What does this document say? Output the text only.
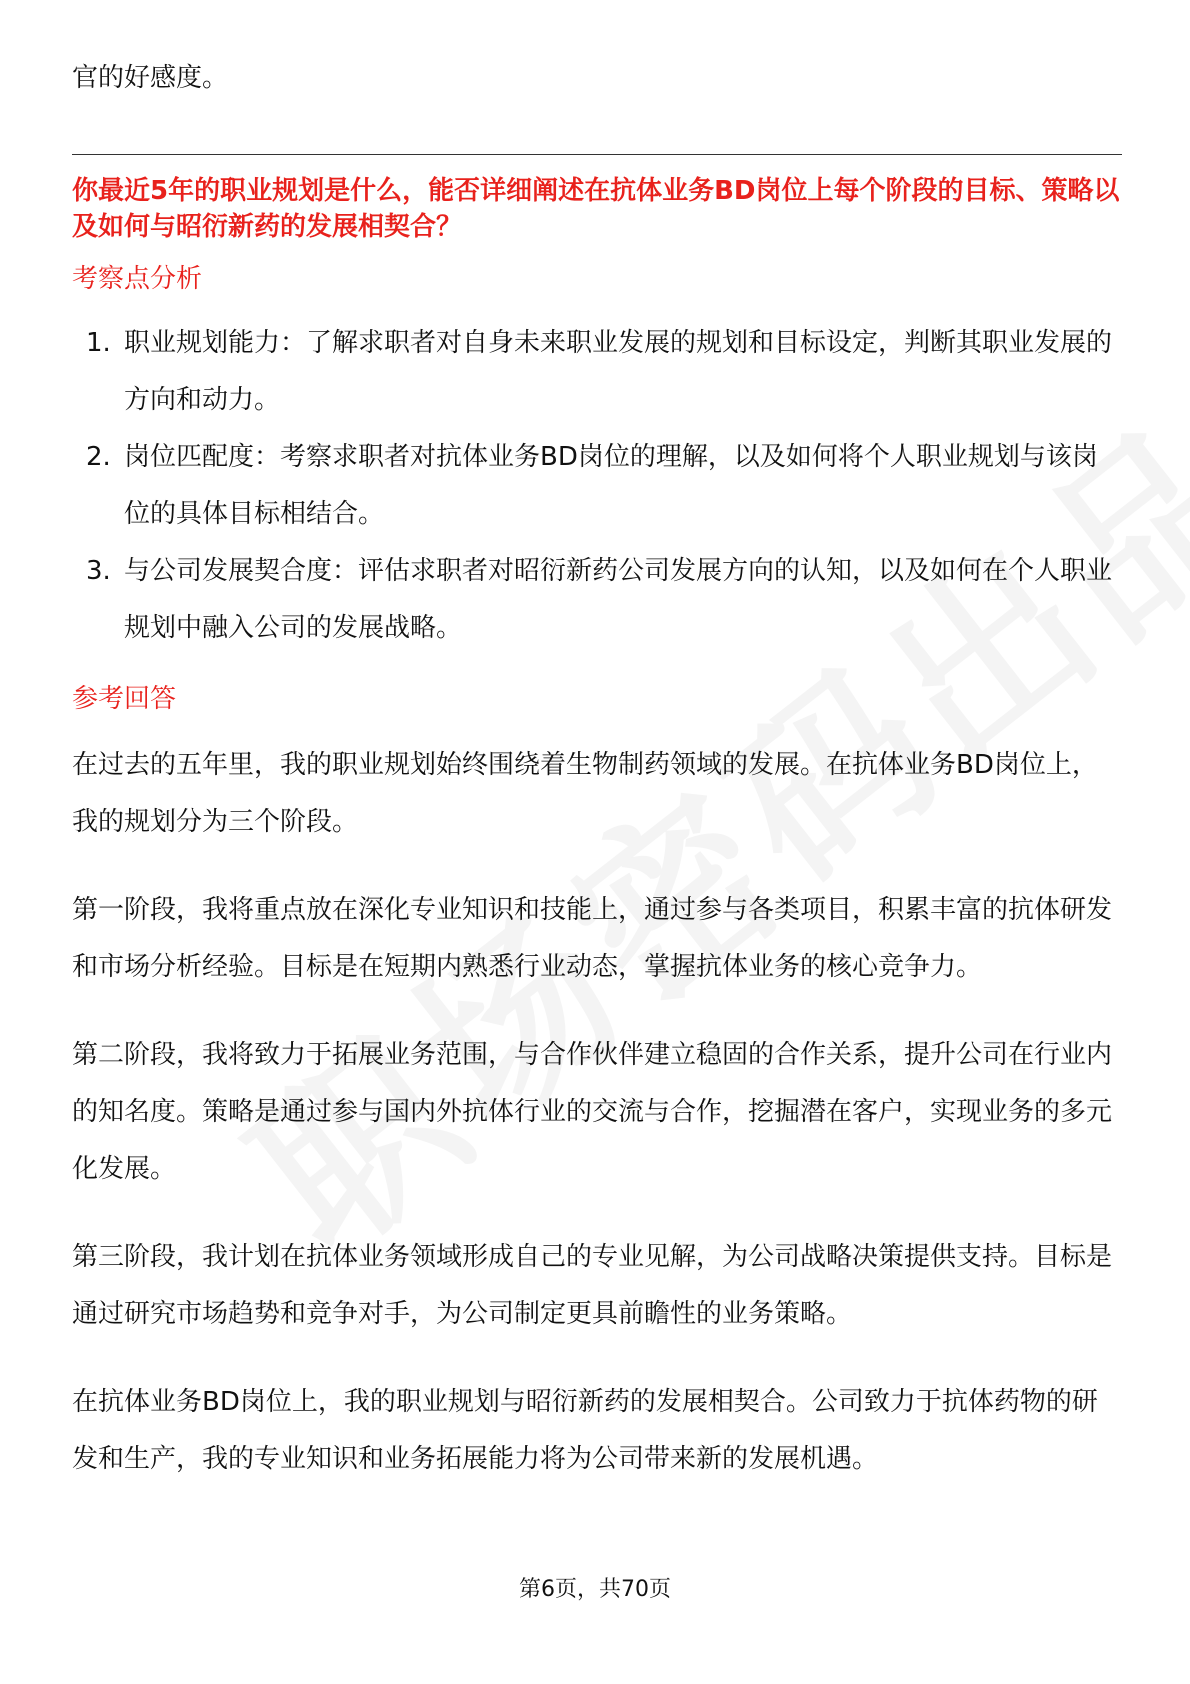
官的好感度。

你最近5年的职业规划是什么，能否详细阐述在抗体业务BD岗位上每个阶段的目标、策略以及如何与昭衍新药的发展相契合？

考察点分析
1. 职业规划能力：了解求职者对自身未来职业发展的规划和目标设定，判断其职业发展的方向和动力。
2. 岗位匹配度：考察求职者对抗体业务BD岗位的理解，以及如何将个人职业规划与该岗位的具体目标相结合。
3. 与公司发展契合度：评估求职者对昭衍新药公司发展方向的认知，以及如何在个人职业规划中融入公司的发展战略。
参考回答

在过去的五年里，我的职业规划始终围绕着生物制药领域的发展。在抗体业务BD岗位上，我的规划分为三个阶段。

第一阶段，我将重点放在深化专业知识和技能上，通过参与各类项目，积累丰富的抗体研发和市场分析经验。目标是在短期内熟悉行业动态，掌握抗体业务的核心竞争力。

第二阶段，我将致力于拓展业务范围，与合作伙伴建立稳固的合作关系，提升公司在行业内的知名度。策略是通过参与国内外抗体行业的交流与合作，挖掘潜在客户，实现业务的多元化发展。

第三阶段，我计划在抗体业务领域形成自己的专业见解，为公司战略决策提供支持。目标是通过研究市场趋势和竞争对手，为公司制定更具前瞻性的业务策略。

在抗体业务BD岗位上，我的职业规划与昭衍新药的发展相契合。公司致力于抗体药物的研发和生产，我的专业知识和业务拓展能力将为公司带来新的发展机遇。

第6页，共70页
